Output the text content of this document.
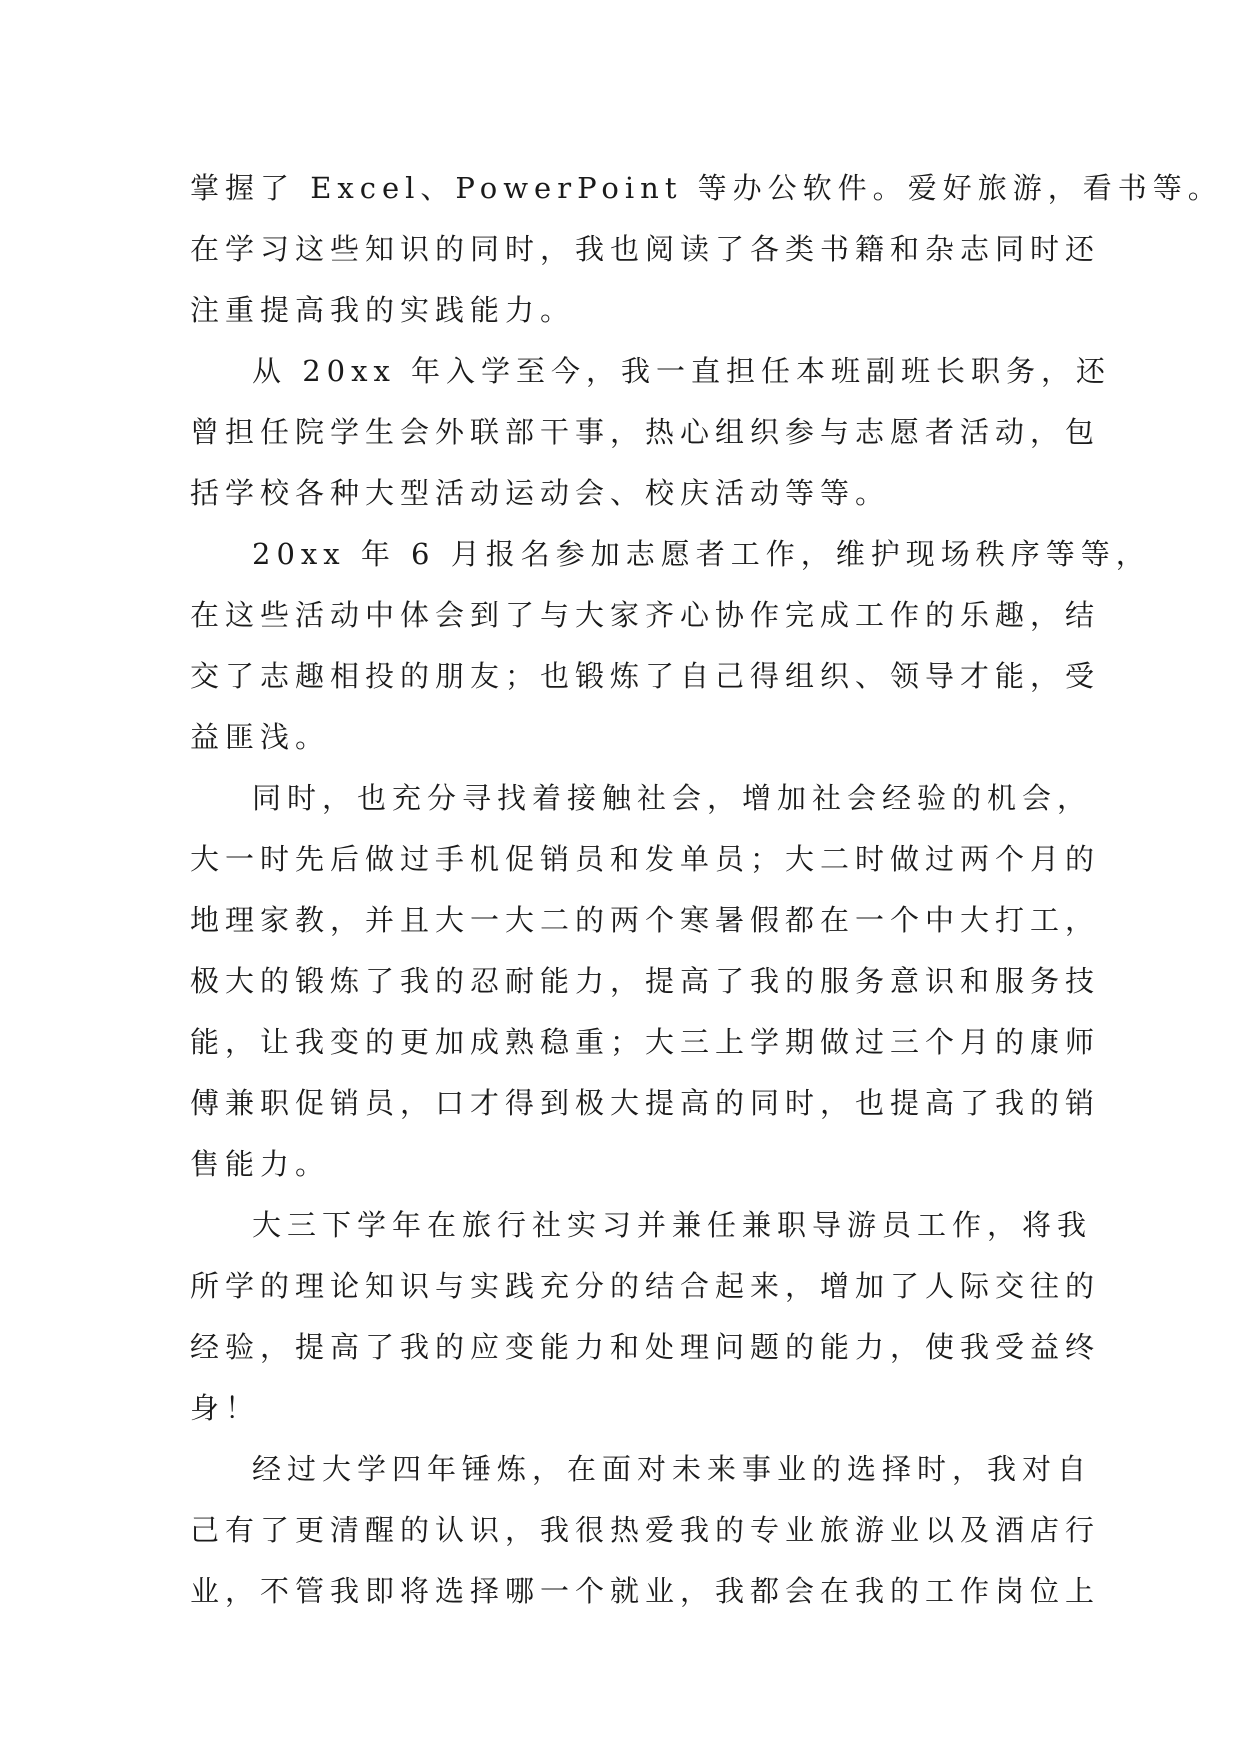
掌握了 Excel、PowerPoint 等办公软件。爱好旅游，看书等。
在学习这些知识的同时，我也阅读了各类书籍和杂志同时还
注重提高我的实践能力。
从 20xx 年入学至今，我一直担任本班副班长职务，还
曾担任院学生会外联部干事，热心组织参与志愿者活动，包
括学校各种大型活动运动会、校庆活动等等。
20xx 年 6 月报名参加志愿者工作，维护现场秩序等等，
在这些活动中体会到了与大家齐心协作完成工作的乐趣，结
交了志趣相投的朋友；也锻炼了自己得组织、领导才能，受
益匪浅。
同时，也充分寻找着接触社会，增加社会经验的机会，
大一时先后做过手机促销员和发单员；大二时做过两个月的
地理家教，并且大一大二的两个寒暑假都在一个中大打工，
极大的锻炼了我的忍耐能力，提高了我的服务意识和服务技
能，让我变的更加成熟稳重；大三上学期做过三个月的康师
傅兼职促销员，口才得到极大提高的同时，也提高了我的销
售能力。
大三下学年在旅行社实习并兼任兼职导游员工作，将我
所学的理论知识与实践充分的结合起来，增加了人际交往的
经验，提高了我的应变能力和处理问题的能力，使我受益终
身！
经过大学四年锤炼，在面对未来事业的选择时，我对自
己有了更清醒的认识，我很热爱我的专业旅游业以及酒店行
业，不管我即将选择哪一个就业，我都会在我的工作岗位上
